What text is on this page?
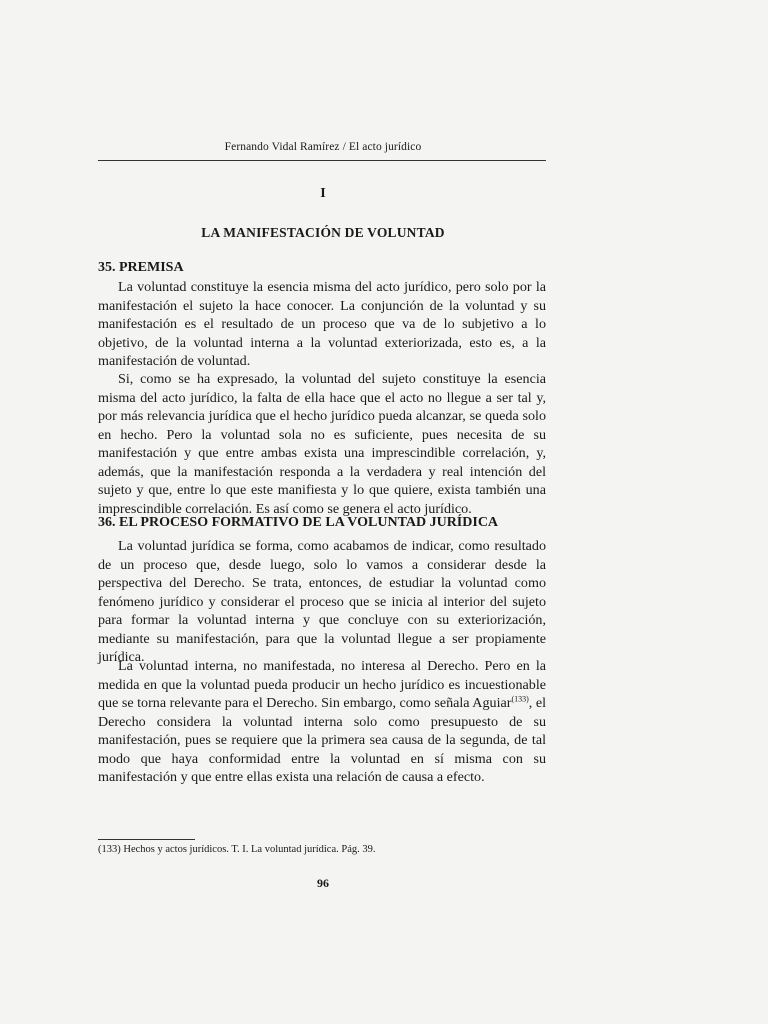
Fernando Vidal Ramírez / El acto jurídico
I
LA MANIFESTACIÓN DE VOLUNTAD
35. PREMISA

La voluntad constituye la esencia misma del acto jurídico, pero solo por la manifestación el sujeto la hace conocer. La conjunción de la voluntad y su manifestación es el resultado de un proceso que va de lo subjetivo a lo objetivo, de la voluntad interna a la voluntad exteriorizada, esto es, a la manifestación de voluntad.

Si, como se ha expresado, la voluntad del sujeto constituye la esencia misma del acto jurídico, la falta de ella hace que el acto no llegue a ser tal y, por más relevancia jurídica que el hecho jurídico pueda alcanzar, se queda solo en hecho. Pero la voluntad sola no es suficiente, pues necesita de su manifestación y que entre ambas exista una imprescindible correlación, y, además, que la manifestación responda a la verdadera y real intención del sujeto y que, entre lo que este manifiesta y lo que quiere, exista también una imprescindible correlación. Es así como se genera el acto jurídico.

36. EL PROCESO FORMATIVO DE LA VOLUNTAD JURÍDICA

La voluntad jurídica se forma, como acabamos de indicar, como resultado de un proceso que, desde luego, solo lo vamos a considerar desde la perspectiva del Derecho. Se trata, entonces, de estudiar la voluntad como fenómeno jurídico y considerar el proceso que se inicia al interior del sujeto para formar la voluntad interna y que concluye con su exteriorización, mediante su manifestación, para que la voluntad llegue a ser propiamente jurídica.

La voluntad interna, no manifestada, no interesa al Derecho. Pero en la medida en que la voluntad pueda producir un hecho jurídico es incuestionable que se torna relevante para el Derecho. Sin embargo, como señala Aguiar$^{(133)}$, el Derecho considera la voluntad interna solo como presupuesto de su manifestación, pues se requiere que la primera sea causa de la segunda, de tal modo que haya conformidad entre la voluntad en sí misma con su manifestación y que entre ellas exista una relación de causa a efecto.

(133) Hechos y actos jurídicos. T. I. La voluntad jurídica. Pág. 39.
96
